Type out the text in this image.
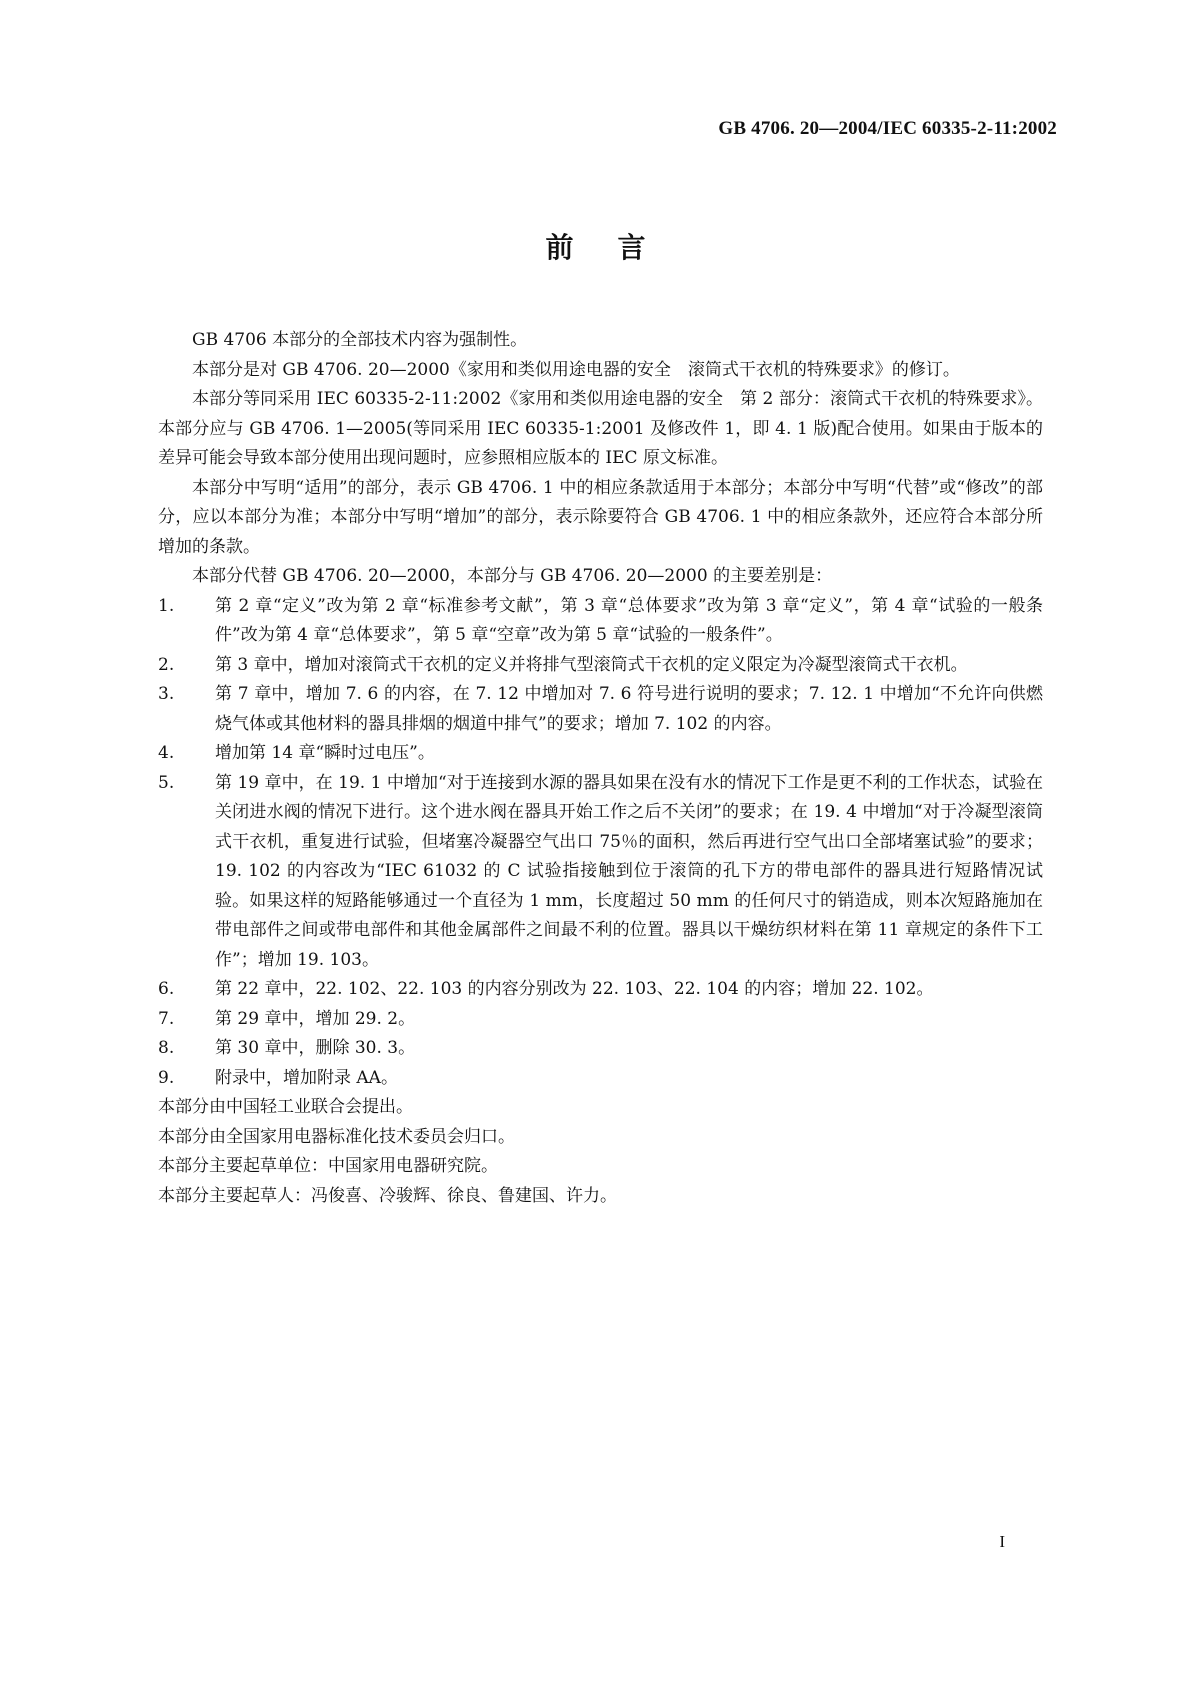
GB 4706. 20—2004/IEC 60335-2-11:2002
前言

GB 4706 本部分的全部技术内容为强制性。

本部分是对 GB 4706. 20—2000《家用和类似用途电器的安全　滚筒式干衣机的特殊要求》的修订。

本部分等同采用 IEC 60335-2-11:2002《家用和类似用途电器的安全　第 2 部分：滚筒式干衣机的特殊要求》。本部分应与 GB 4706. 1—2005(等同采用 IEC 60335-1:2001 及修改件 1，即 4. 1 版)配合使用。如果由于版本的差异可能会导致本部分使用出现问题时，应参照相应版本的 IEC 原文标准。

本部分中写明“适用”的部分，表示 GB 4706. 1 中的相应条款适用于本部分；本部分中写明“代替”或“修改”的部分，应以本部分为准；本部分中写明“增加”的部分，表示除要符合 GB 4706. 1 中的相应条款外，还应符合本部分所增加的条款。

本部分代替 GB 4706. 20—2000，本部分与 GB 4706. 20—2000 的主要差别是：

1. 第 2 章“定义”改为第 2 章“标准参考文献”，第 3 章“总体要求”改为第 3 章“定义”，第 4 章“试验的一般条件”改为第 4 章“总体要求”，第 5 章“空章”改为第 5 章“试验的一般条件”。

2. 第 3 章中，增加对滚筒式干衣机的定义并将排气型滚筒式干衣机的定义限定为冷凝型滚筒式干衣机。

3. 第 7 章中，增加 7. 6 的内容，在 7. 12 中增加对 7. 6 符号进行说明的要求；7. 12. 1 中增加“不允许向供燃烧气体或其他材料的器具排烟的烟道中排气”的要求；增加 7. 102 的内容。

4. 增加第 14 章“瞬时过电压”。

5. 第 19 章中，在 19. 1 中增加“对于连接到水源的器具如果在没有水的情况下工作是更不利的工作状态，试验在关闭进水阀的情况下进行。这个进水阀在器具开始工作之后不关闭”的要求；在 19. 4 中增加“对于冷凝型滚筒式干衣机，重复进行试验，但堵塞冷凝器空气出口 75％的面积，然后再进行空气出口全部堵塞试验”的要求；19. 102 的内容改为“IEC 61032 的 C 试验指接触到位于滚筒的孔下方的带电部件的器具进行短路情况试验。如果这样的短路能够通过一个直径为 1 mm，长度超过 50 mm 的任何尺寸的销造成，则本次短路施加在带电部件之间或带电部件和其他金属部件之间最不利的位置。器具以干燥纺织材料在第 11 章规定的条件下工作”；增加 19. 103。

6. 第 22 章中，22. 102、22. 103 的内容分别改为 22. 103、22. 104 的内容；增加 22. 102。

7. 第 29 章中，增加 29. 2。

8. 第 30 章中，删除 30. 3。

9. 附录中，增加附录 AA。

本部分由中国轻工业联合会提出。

本部分由全国家用电器标准化技术委员会归口。

本部分主要起草单位：中国家用电器研究院。

本部分主要起草人：冯俊喜、冷骏辉、徐良、鲁建国、许力。

I
